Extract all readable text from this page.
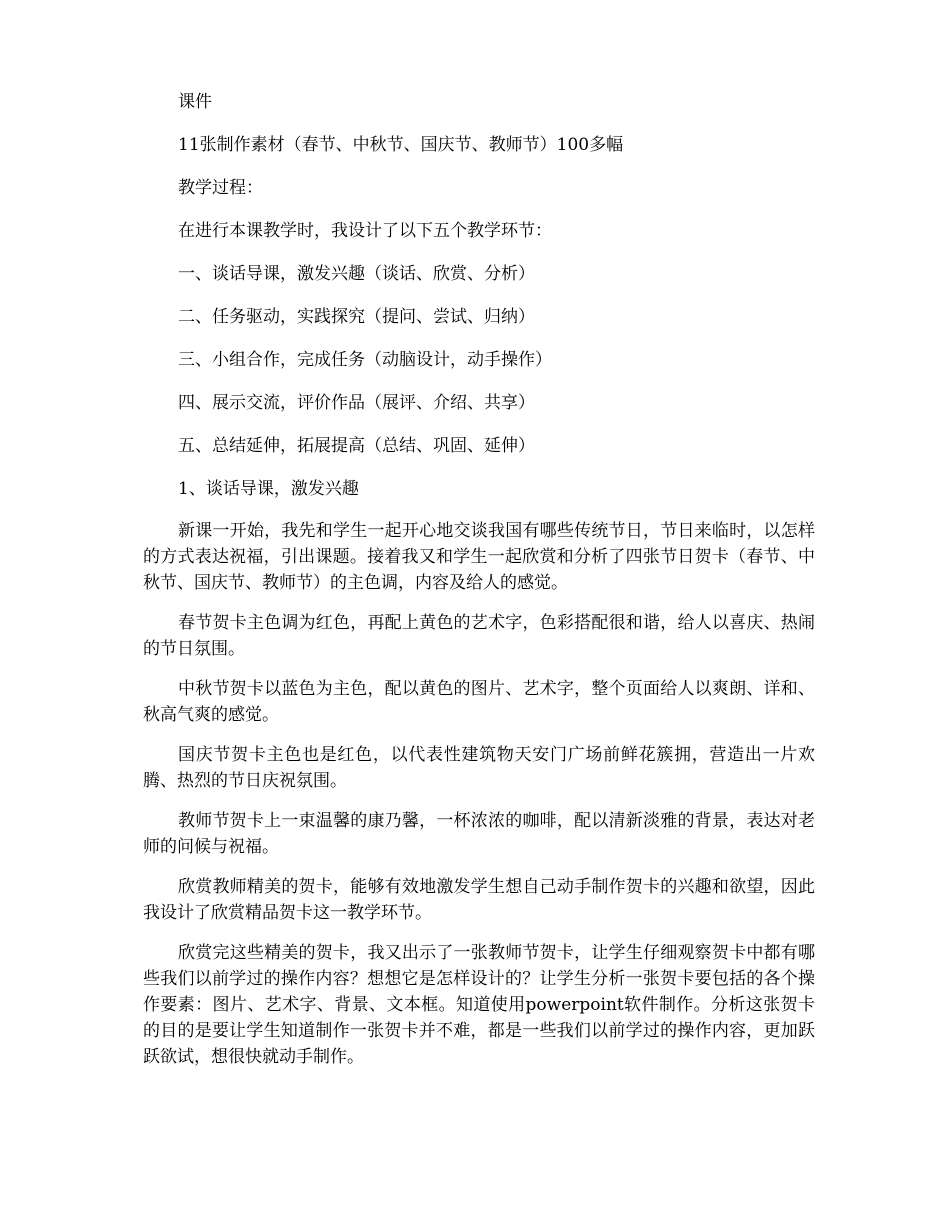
课件

11张制作素材（春节、中秋节、国庆节、教师节）100多幅

教学过程：

在进行本课教学时，我设计了以下五个教学环节：

一、谈话导课，激发兴趣（谈话、欣赏、分析）

二、任务驱动，实践探究（提问、尝试、归纳）

三、小组合作，完成任务（动脑设计，动手操作）

四、展示交流，评价作品（展评、介绍、共享）

五、总结延伸，拓展提高（总结、巩固、延伸）

1、谈话导课，激发兴趣

新课一开始，我先和学生一起开心地交谈我国有哪些传统节日，节日来临时，以怎样的方式表达祝福，引出课题。接着我又和学生一起欣赏和分析了四张节日贺卡（春节、中秋节、国庆节、教师节）的主色调，内容及给人的感觉。

春节贺卡主色调为红色，再配上黄色的艺术字，色彩搭配很和谐，给人以喜庆、热闹的节日氛围。

中秋节贺卡以蓝色为主色，配以黄色的图片、艺术字，整个页面给人以爽朗、详和、秋高气爽的感觉。

国庆节贺卡主色也是红色，以代表性建筑物天安门广场前鲜花簇拥，营造出一片欢腾、热烈的节日庆祝氛围。

教师节贺卡上一束温馨的康乃馨，一杯浓浓的咖啡，配以清新淡雅的背景，表达对老师的问候与祝福。

欣赏教师精美的贺卡，能够有效地激发学生想自己动手制作贺卡的兴趣和欲望，因此我设计了欣赏精品贺卡这一教学环节。

欣赏完这些精美的贺卡，我又出示了一张教师节贺卡，让学生仔细观察贺卡中都有哪些我们以前学过的操作内容？想想它是怎样设计的？让学生分析一张贺卡要包括的各个操作要素：图片、艺术字、背景、文本框。知道使用powerpoint软件制作。分析这张贺卡的目的是要让学生知道制作一张贺卡并不难，都是一些我们以前学过的操作内容，更加跃跃欲试，想很快就动手制作。
